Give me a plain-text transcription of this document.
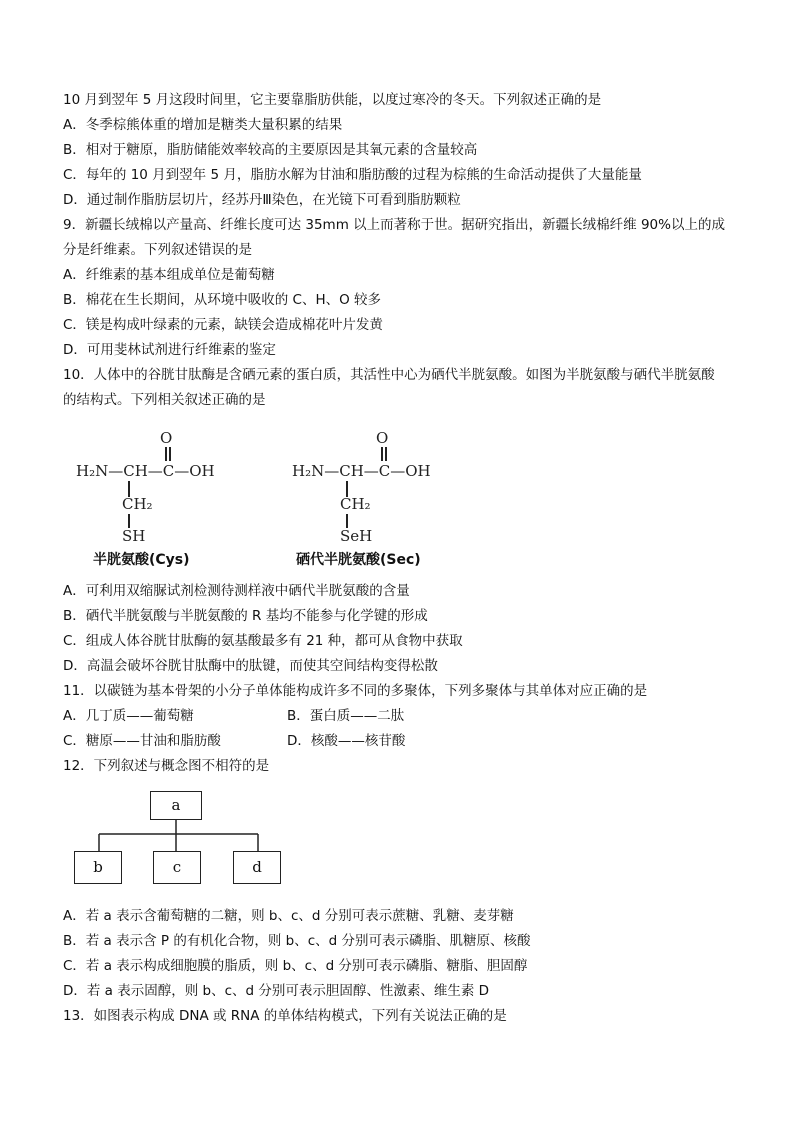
10 月到翌年 5 月这段时间里，它主要靠脂肪供能，以度过寒冷的冬天。下列叙述正确的是
A．冬季棕熊体重的增加是糖类大量积累的结果
B．相对于糖原，脂肪储能效率较高的主要原因是其氧元素的含量较高
C．每年的 10 月到翌年 5 月，脂肪水解为甘油和脂肪酸的过程为棕熊的生命活动提供了大量能量
D．通过制作脂肪层切片，经苏丹Ⅲ染色，在光镜下可看到脂肪颗粒
9．新疆长绒棉以产量高、纤维长度可达 35mm 以上而著称于世。据研究指出，新疆长绒棉纤维 90%以上的成
分是纤维素。下列叙述错误的是
A．纤维素的基本组成单位是葡萄糖
B．棉花在生长期间，从环境中吸收的 C、H、O 较多
C．镁是构成叶绿素的元素，缺镁会造成棉花叶片发黄
D．可用斐林试剂进行纤维素的鉴定
10．人体中的谷胱甘肽酶是含硒元素的蛋白质，其活性中心为硒代半胱氨酸。如图为半胱氨酸与硒代半胱氨酸
的结构式。下列相关叙述正确的是
O
H₂N—CH—C—OH
CH₂
SH
半胱氨酸(Cys)
O
H₂N—CH—C—OH
CH₂
SeH
硒代半胱氨酸(Sec)
A．可利用双缩脲试剂检测待测样液中硒代半胱氨酸的含量
B．硒代半胱氨酸与半胱氨酸的 R 基均不能参与化学键的形成
C．组成人体谷胱甘肽酶的氨基酸最多有 21 种，都可从食物中获取
D．高温会破坏谷胱甘肽酶中的肽键，而使其空间结构变得松散
11．以碳链为基本骨架的小分子单体能构成许多不同的多聚体，下列多聚体与其单体对应正确的是
A．几丁质——葡萄糖	B．蛋白质——二肽
C．糖原——甘油和脂肪酸	D．核酸——核苷酸
12．下列叙述与概念图不相符的是
a
b	c	d
A．若 a 表示含葡萄糖的二糖，则 b、c、d 分别可表示蔗糖、乳糖、麦芽糖
B．若 a 表示含 P 的有机化合物，则 b、c、d 分别可表示磷脂、肌糖原、核酸
C．若 a 表示构成细胞膜的脂质，则 b、c、d 分别可表示磷脂、糖脂、胆固醇
D．若 a 表示固醇，则 b、c、d 分别可表示胆固醇、性激素、维生素 D
13．如图表示构成 DNA 或 RNA 的单体结构模式，下列有关说法正确的是
